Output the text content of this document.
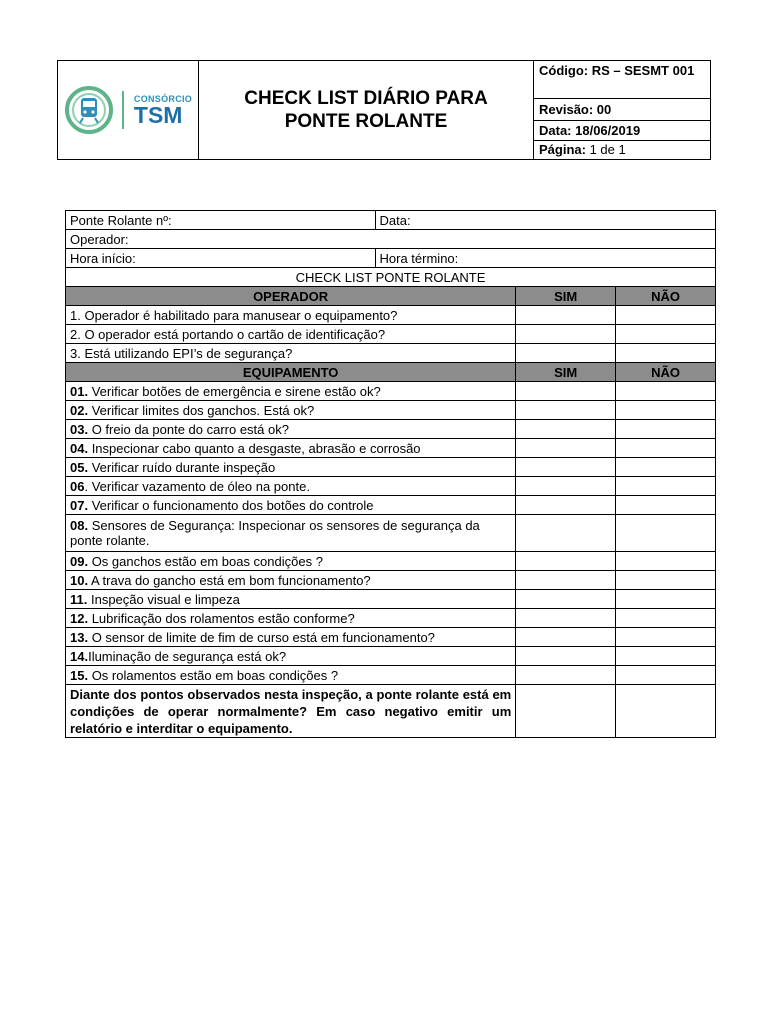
CONSÓRCIO
TSM
CHECK LIST DIÁRIO PARA
PONTE ROLANTE
Código: RS – SESMT 001
Revisão: 00
Data: 18/06/2019
Página:
1 de 1
Ponte Rolante nº:	Data:		
Operador:			
Hora início:	Hora término:		
CHECK LIST PONTE ROLANTE			
OPERADOR		SIM	NÃO
1. Operador é habilitado para manusear o equipamento?			
2. O operador está portando o cartão de identificação?			
3. Está utilizando EPI’s de segurança?			
EQUIPAMENTO		SIM	NÃO
01. Verificar botões de emergência e sirene estão ok?			
02. Verificar limites dos ganchos. Está ok?			
03. O freio da ponte do carro está ok?			
04. Inspecionar cabo quanto a desgaste, abrasão e corrosão			
05. Verificar ruído durante inspeção			
06. Verificar vazamento de óleo na ponte.			
07. Verificar o funcionamento dos botões do controle			
08. Sensores de Segurança: Inspecionar os sensores de segurança da ponte rolante.			
09. Os ganchos estão em boas condições ?			
10. A trava do gancho está em bom funcionamento?			
11. Inspeção visual e limpeza			
12. Lubrificação dos rolamentos estão conforme?			
13. O sensor de limite de fim de curso está em funcionamento?			
14.Iluminação de segurança está ok?			
15. Os rolamentos estão em boas condições ?			
Diante dos pontos observados nesta inspeção, a ponte rolante está em condições de operar normalmente? Em caso negativo emitir um relatório e interditar o equipamento.			
